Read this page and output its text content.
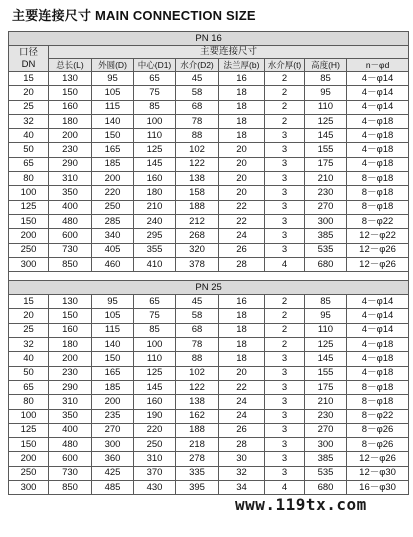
主要连接尺寸 MAIN CONNECTION SIZE
PN 16								
口径
DN	主要连接尺寸							
	总长(L)	外圆(D)	中心(D1)	水介(D2)	法兰厚(b)	水介厚(t)	高度(H)	n－φd
15	130	95	65	45	16	2	85	4－φ14
20	150	105	75	58	18	2	95	4－φ14
25	160	115	85	68	18	2	110	4－φ14
32	180	140	100	78	18	2	125	4－φ18
40	200	150	110	88	18	3	145	4－φ18
50	230	165	125	102	20	3	155	4－φ18
65	290	185	145	122	20	3	175	4－φ18
80	310	200	160	138	20	3	210	8－φ18
100	350	220	180	158	20	3	230	8－φ18
125	400	250	210	188	22	3	270	8－φ18
150	480	285	240	212	22	3	300	8－φ22
200	600	340	295	268	24	3	385	12－φ22
250	730	405	355	320	26	3	535	12－φ26
300	850	460	410	378	28	4	680	12－φ26

PN 25								
15	130	95	65	45	16	2	85	4－φ14
20	150	105	75	58	18	2	95	4－φ14
25	160	115	85	68	18	2	110	4－φ14
32	180	140	100	78	18	2	125	4－φ18
40	200	150	110	88	18	3	145	4－φ18
50	230	165	125	102	20	3	155	4－φ18
65	290	185	145	122	22	3	175	8－φ18
80	310	200	160	138	24	3	210	8－φ18
100	350	235	190	162	24	3	230	8－φ22
125	400	270	220	188	26	3	270	8－φ26
150	480	300	250	218	28	3	300	8－φ26
200	600	360	310	278	30	3	385	12－φ26
250	730	425	370	335	32	3	535	12－φ30
300	850	485	430	395	34	4	680	16－φ30
www.119tx.com
